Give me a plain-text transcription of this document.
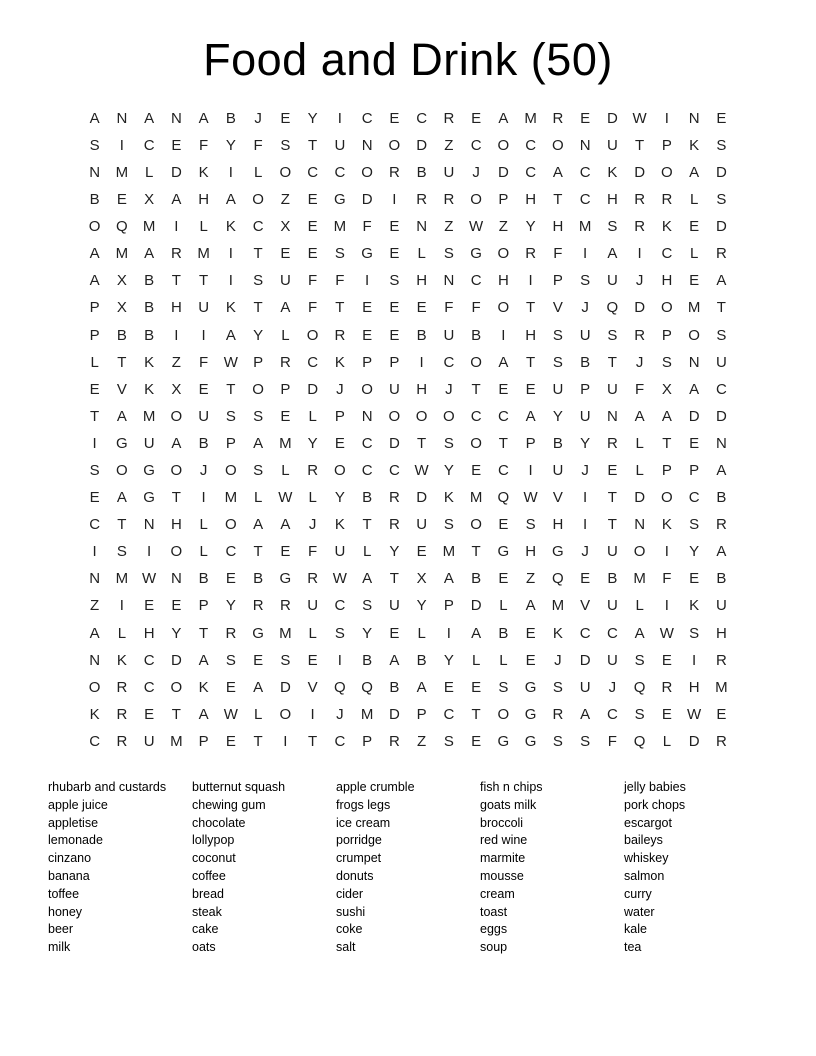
Food and Drink (50)
A	N	A	N	A	B	J	E	Y	I	C	E	C	R	E	A	M	R	E	D W	I	N	E
S	I	C	E	F	Y	F	S	T	U	N	O	D	Z	C	O	C	O	N	U	T	P	K	S
N	M	L	D	K	I	L	O	C	C	O	R	B	U	J	D	C	A	C	K	D	O	A	D
B	E	X	A	H	A	O	Z	E	G	D	I	R	R	O	P	H	T	C	H	R	R	L	S
O	Q	M	I	L	K	C	X	E	M	F	E	N	Z	W	Z	Y	H	M	S	R	K	E	D
A	M	A	R	M	I	T	E	E	S	G	E	L	S	G	O	R	F	I	A	I	C	L	R
A	X	B	T	T	I	S	U	F	F	I	S	H	N	C	H	I	P	S	U	J	H	E	A
P	X	B	H	U	K	T	A	F	T	E	E	E	F	F	O	T	V	J	Q	D	O	M	T
P	B	B	I	I	A	Y	L	O	R	E	E	B	U	B	I	H	S	U	S	R	P	O	S
L	T	K	Z	F	W	P	R	C	K	P	P	I	C	O	A	T	S	B	T	J	S	N	U
E	V	K	X	E	T	O	P	D	J	O	U	H	J	T	E	E	U	P	U	F	X	A	C
T	A	M	O	U	S	S	E	L	P	N	O	O	O	C	C	A	Y	U	N	A	A	D	D
I	G	U	A	B	P	A	M	Y	E	C	D	T	S	O	T	P	B	Y	R	L	T	E	N
S	O	G	O	J	O	S	L	R	O	C	C W	Y	E	C	I	U	J	E	L	P	P	A
E	A	G	T	I	M	L	W	L	Y	B	R	D	K	M	Q W	V	I	T	D	O	C	B
C	T	N	H	L	O	A	A	J	K	T	R	U	S	O	E	S	H	I	T	N	K	S	R
I	S	I	O	L	C	T	E	F	U	L	Y	E	M	T	G	H	G	J	U	O	I	Y	A
N	M W N	B	E	B	G	R W	A	T	X	A	B	E	Z	Q	E	B	M	F	E	B
Z	I	E	E	P	Y	R	R	U	C	S	U	Y	P	D	L	A	M	V	U	L	I	K	U
A	L	H	Y	T	R	G	M	L	S	Y	E	L	I	A	B	E	K	C	C	A	W	S	H
N	K	C	D	A	S	E	S	E	I	B	A	B	Y	L	L	E	J	D	U	S	E	I	R
O	R	C	O	K	E	A	D	V	Q	Q	B	A	E	E	S	G	S	U	J	Q	R	H	M
K	R	E	T	A	W	L	O	I	J	M	D	P	C	T	O	G	R	A	C	S	E	W	E
C	R	U	M	P	E	T	I	T	C	P	R	Z	S	E	G	G	S	S	F	Q	L	D	R
rhubarb and custards
apple juice
appletise
lemonade
cinzano
banana
toffee
honey
beer
milk
butternut squash
chewing gum
chocolate
lollypop
coconut
coffee
bread
steak
cake
oats
apple crumble
frogs legs
ice cream
porridge
crumpet
donuts
cider
sushi
coke
salt
fish n chips
goats milk
broccoli
red wine
marmite
mousse
cream
toast
eggs
soup
jelly babies
pork chops
escargot
baileys
whiskey
salmon
curry
water
kale
tea
